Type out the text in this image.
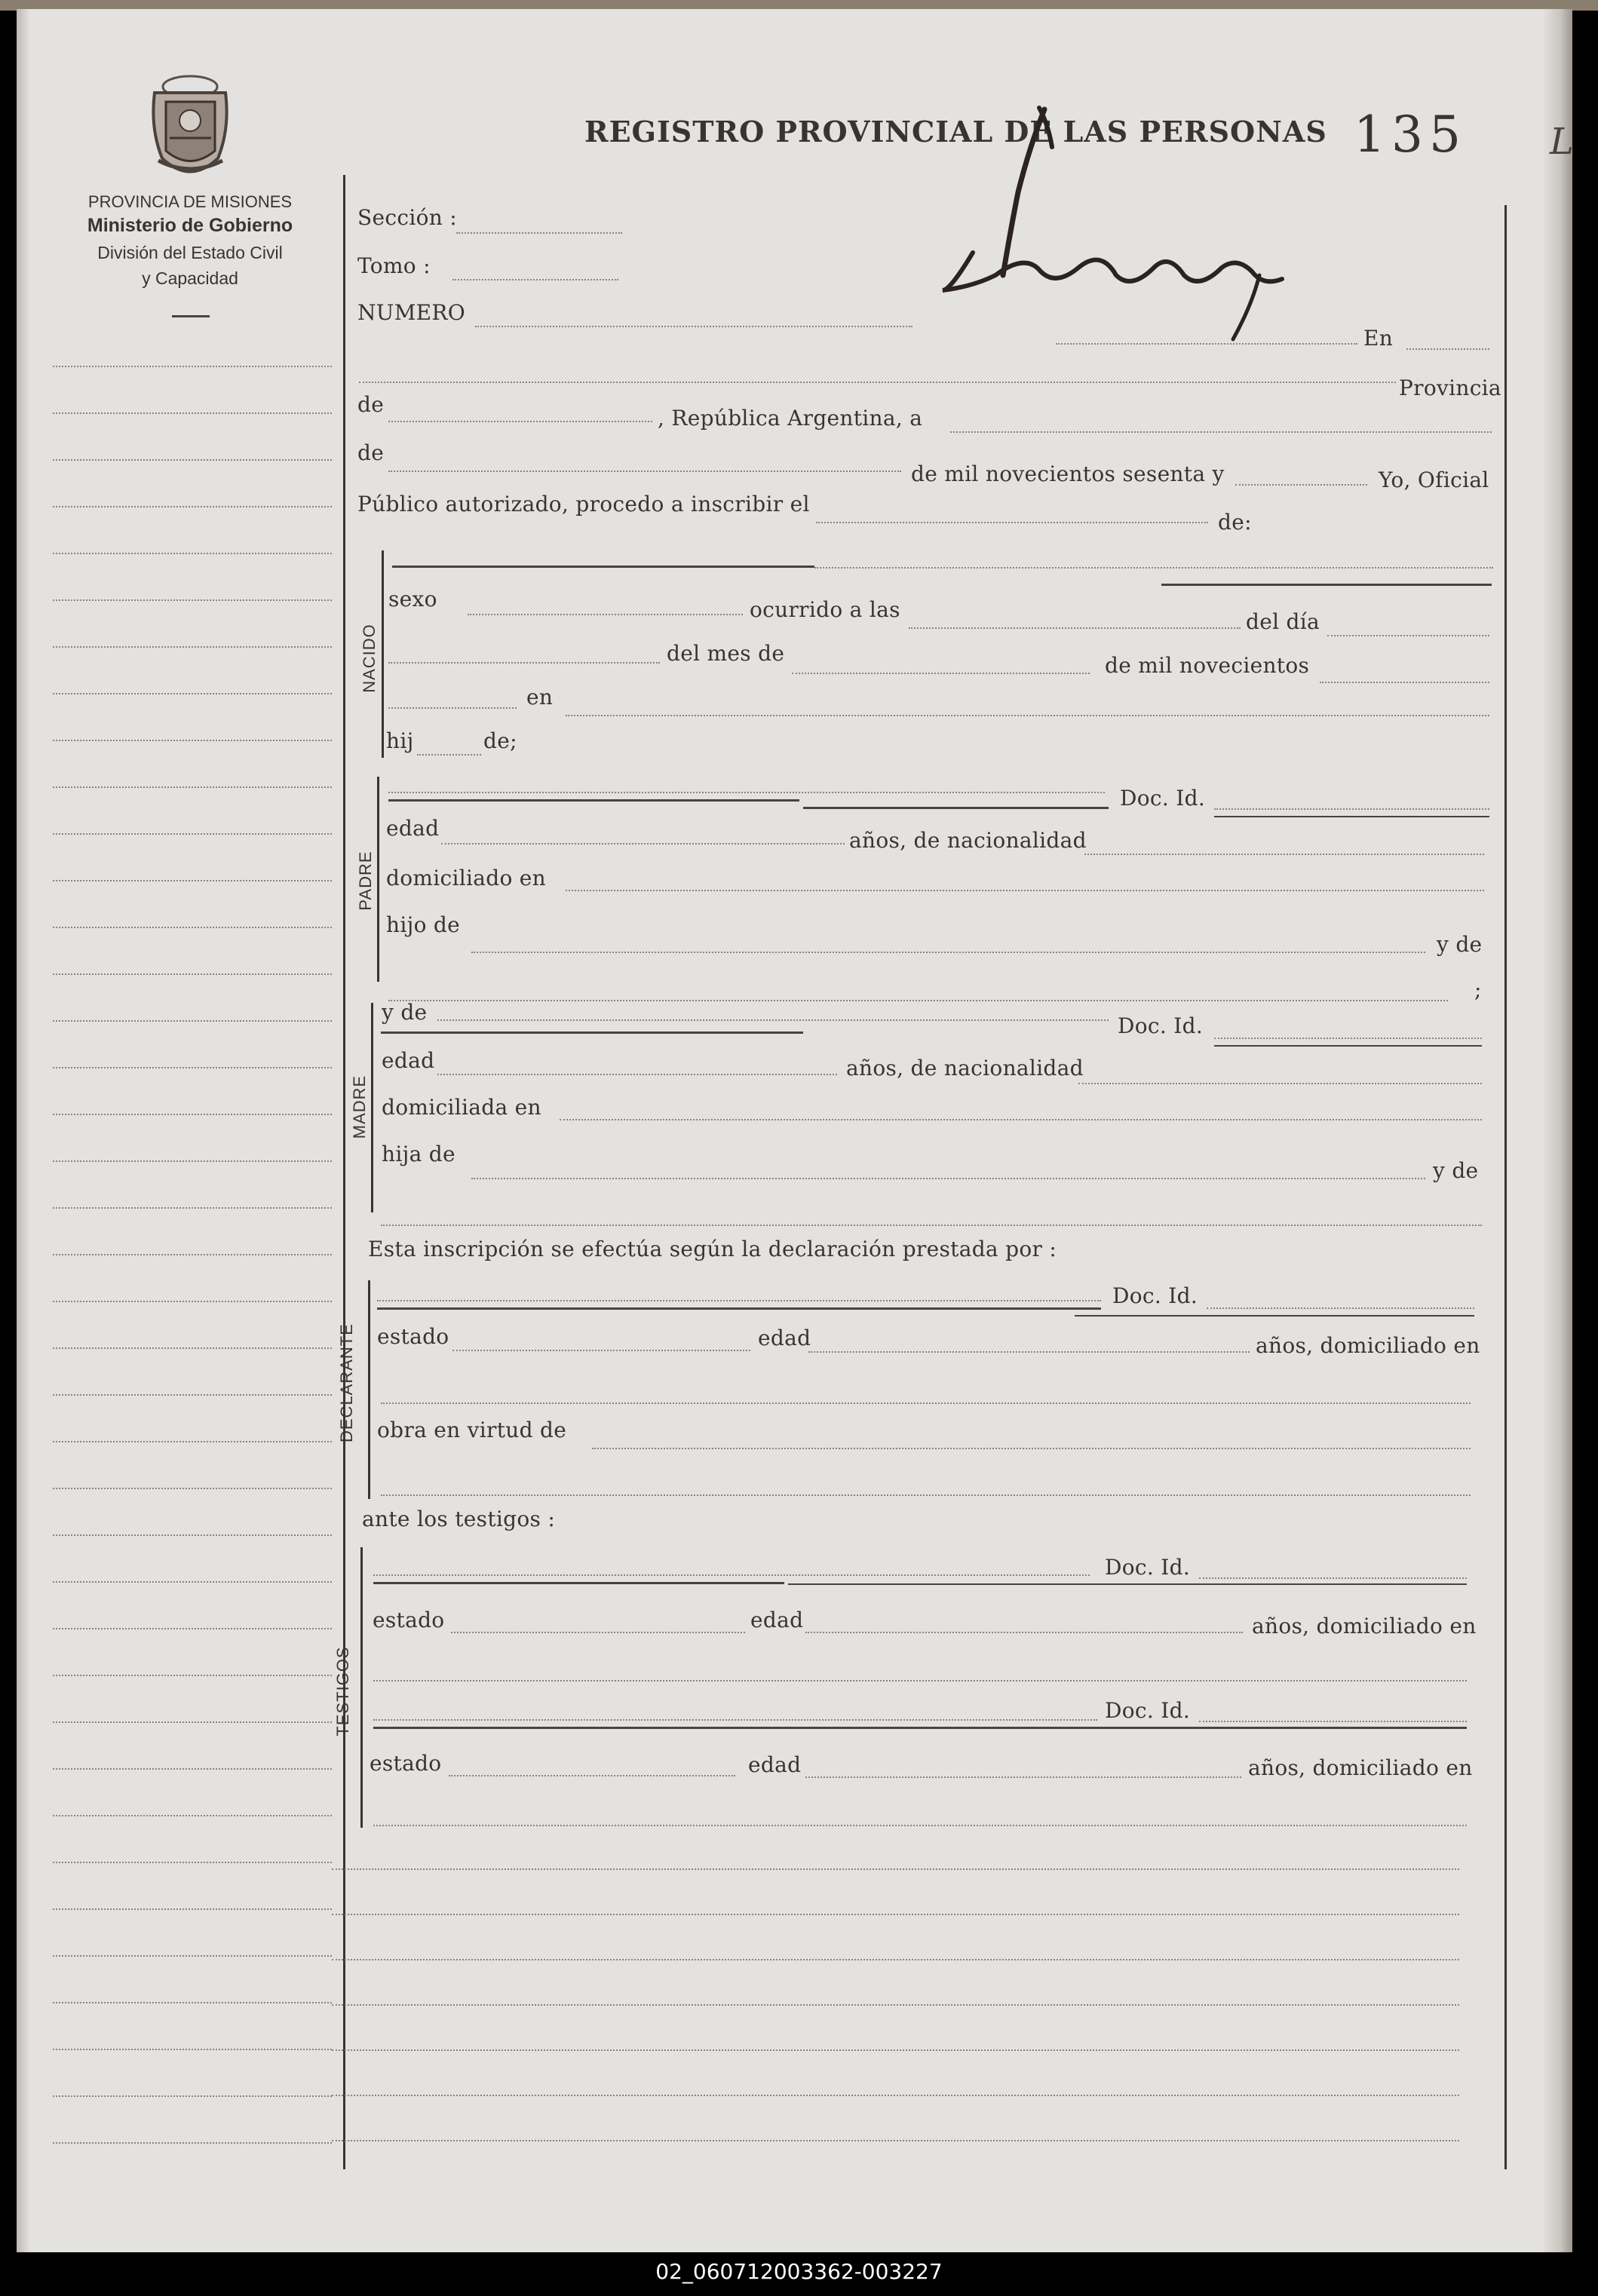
PROVINCIA DE MISIONES
Ministerio de Gobierno
División del Estado Civil
y Capacidad
REGISTRO PROVINCIAL DE LAS PERSONAS 135 L
Sección :
Tomo :
NUMERO
En
Provincia
de
, República Argentina, a
de
de mil novecientos sesenta y	Yo, Oficial
Público autorizado, procedo a inscribir el
de:
NACIDO
sexo	ocurrido a las	del día
del mes de	de mil novecientos
en
hij	de;
PADRE
Doc. Id.
edad	años, de nacionalidad
domiciliado en
hijo de
y de
;
MADRE
y de
Doc. Id.
edad	años, de nacionalidad
domiciliada en
hija de
y de
Esta inscripción se efectúa según la declaración prestada por :
DECLARANTE
Doc. Id.
estado	edad	años, domiciliado en
obra en virtud de
ante los testigos :
TESTIGOS
Doc. Id.
estado	edad	años, domiciliado en
Doc. Id.
estado	edad	años, domiciliado en
02_060712003362-003227
